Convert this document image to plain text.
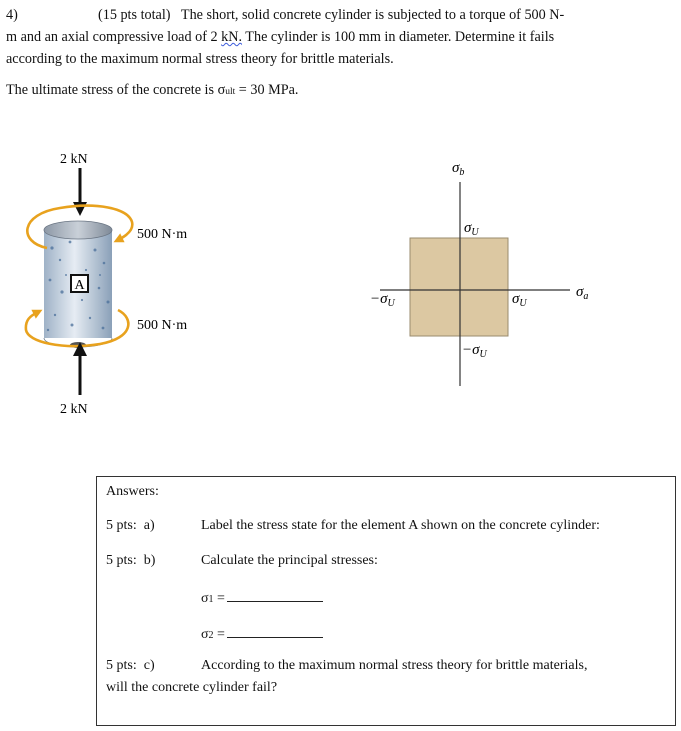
4)	(15 pts total) The short, solid concrete cylinder is subjected to a torque of 500 N-
m and an axial compressive load of 2 kN. The cylinder is 100 mm in diameter. Determine it fails
according to the maximum normal stress theory for brittle materials.
The ultimate stress of the concrete is σult = 30 MPa.
2 kN
2 kN
A
500 N·m
500 N·m
$\sigma_b$
$\sigma_a$
$\sigma_U$
$-\sigma_U$
$-\sigma_U$	$\sigma_U$
Answers:
5 pts: a)	Label the stress state for the element A shown on the concrete cylinder:
5 pts: b)	Calculate the principal stresses:
σ1 =
σ2 =
5 pts: c)	According to the maximum normal stress theory for brittle materials,
will the concrete cylinder fail?
